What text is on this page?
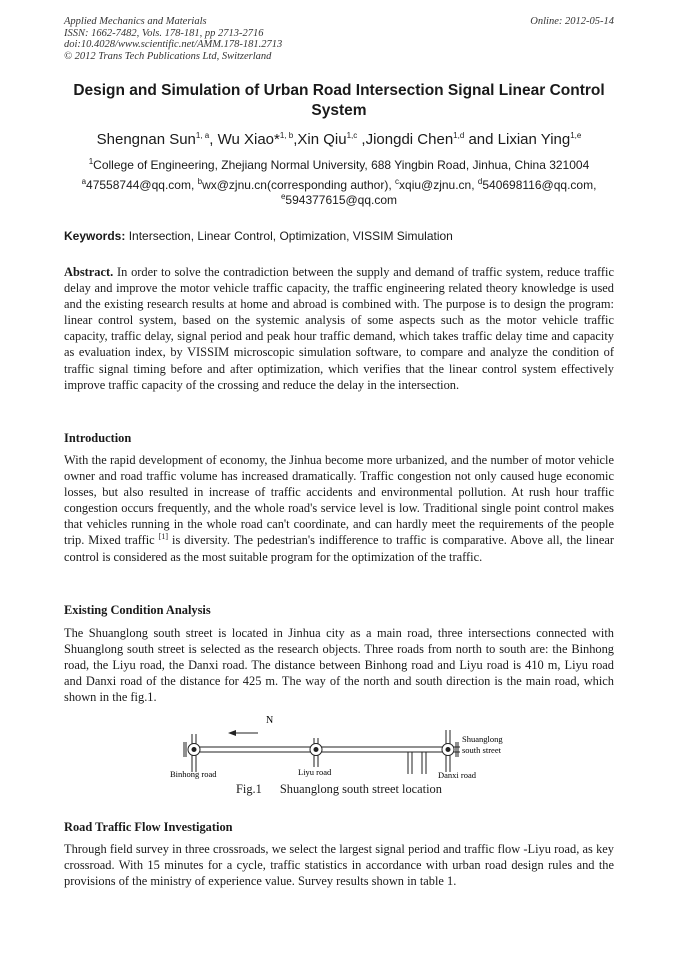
Applied Mechanics and Materials
ISSN: 1662-7482, Vols. 178-181, pp 2713-2716
doi:10.4028/www.scientific.net/AMM.178-181.2713
© 2012 Trans Tech Publications Ltd, Switzerland
Online: 2012-05-14
Design and Simulation of Urban Road Intersection Signal Linear Control System
Shengnan Sun$^{1, a}$, Wu Xiao*$^{1, b}$,Xin Qiu$^{1,c}$ ,Jiongdi Chen$^{1,d}$ and Lixian Ying$^{1,e}$
$^1$College of Engineering, Zhejiang Normal University, 688 Yingbin Road, Jinhua, China 321004
$^a$47558744@qq.com, $^b$wx@zjnu.cn(corresponding author), $^c$xqiu@zjnu.cn, $^d$540698116@qq.com,
$^e$594377615@qq.com
Keywords: Intersection, Linear Control, Optimization, VISSIM Simulation

Abstract. In order to solve the contradiction between the supply and demand of traffic system, reduce traffic delay and improve the motor vehicle traffic capacity, the traffic engineering related theory knowledge is used and the existing research results at home and abroad is combined with. The purpose is to design the program: linear control system, based on the systemic analysis of some aspects such as the motor vehicle traffic capacity, traffic delay, signal period and peak hour traffic demand, which takes traffic delay time and capacity as evaluation index, by VISSIM microscopic simulation software, to compare and analyze the condition of traffic signal timing before and after optimization, which verifies that the linear control system effectively improve traffic capacity of the crossing and reduce the delay in the intersection.

Introduction

With the rapid development of economy, the Jinhua become more urbanized, and the number of motor vehicle owner and road traffic volume has increased dramatically. Traffic congestion not only caused huge economic losses, but also resulted in increase of traffic accidents and environmental pollution. At rush hour traffic congestion occurs frequently, and the whole road's service level is low. Traditional single point control makes that vehicles running in the whole road can't coordinate, and can hardly meet the requirements of the people trip. Mixed traffic [1] is diversity. The pedestrian's indifference to traffic is comparative. Above all, the linear control is considered as the most suitable program for the optimization of the traffic.

Existing Condition Analysis

The Shuanglong south street is located in Jinhua city as a main road, three intersections connected with Shuanglong south street is selected as the research objects. Three roads from north to south are: the Binhong road, the Liyu road, the Danxi road. The distance between Binhong road and Liyu road is 410 m, Liyu road and Danxi road of the distance for 425 m. The way of the north and south direction is the main road, which shown in the fig.1.

N
Binhong road	Liyu road	Danxi road
Shuanglong
south street
Fig.1 Shuanglong south street location

Road Traffic Flow Investigation

Through field survey in three crossroads, we select the largest signal period and traffic flow -Liyu road, as key crossroad. With 15 minutes for a cycle, traffic statistics in accordance with urban road design rules and the provisions of the ministry of experience value. Survey results shown in table 1.
